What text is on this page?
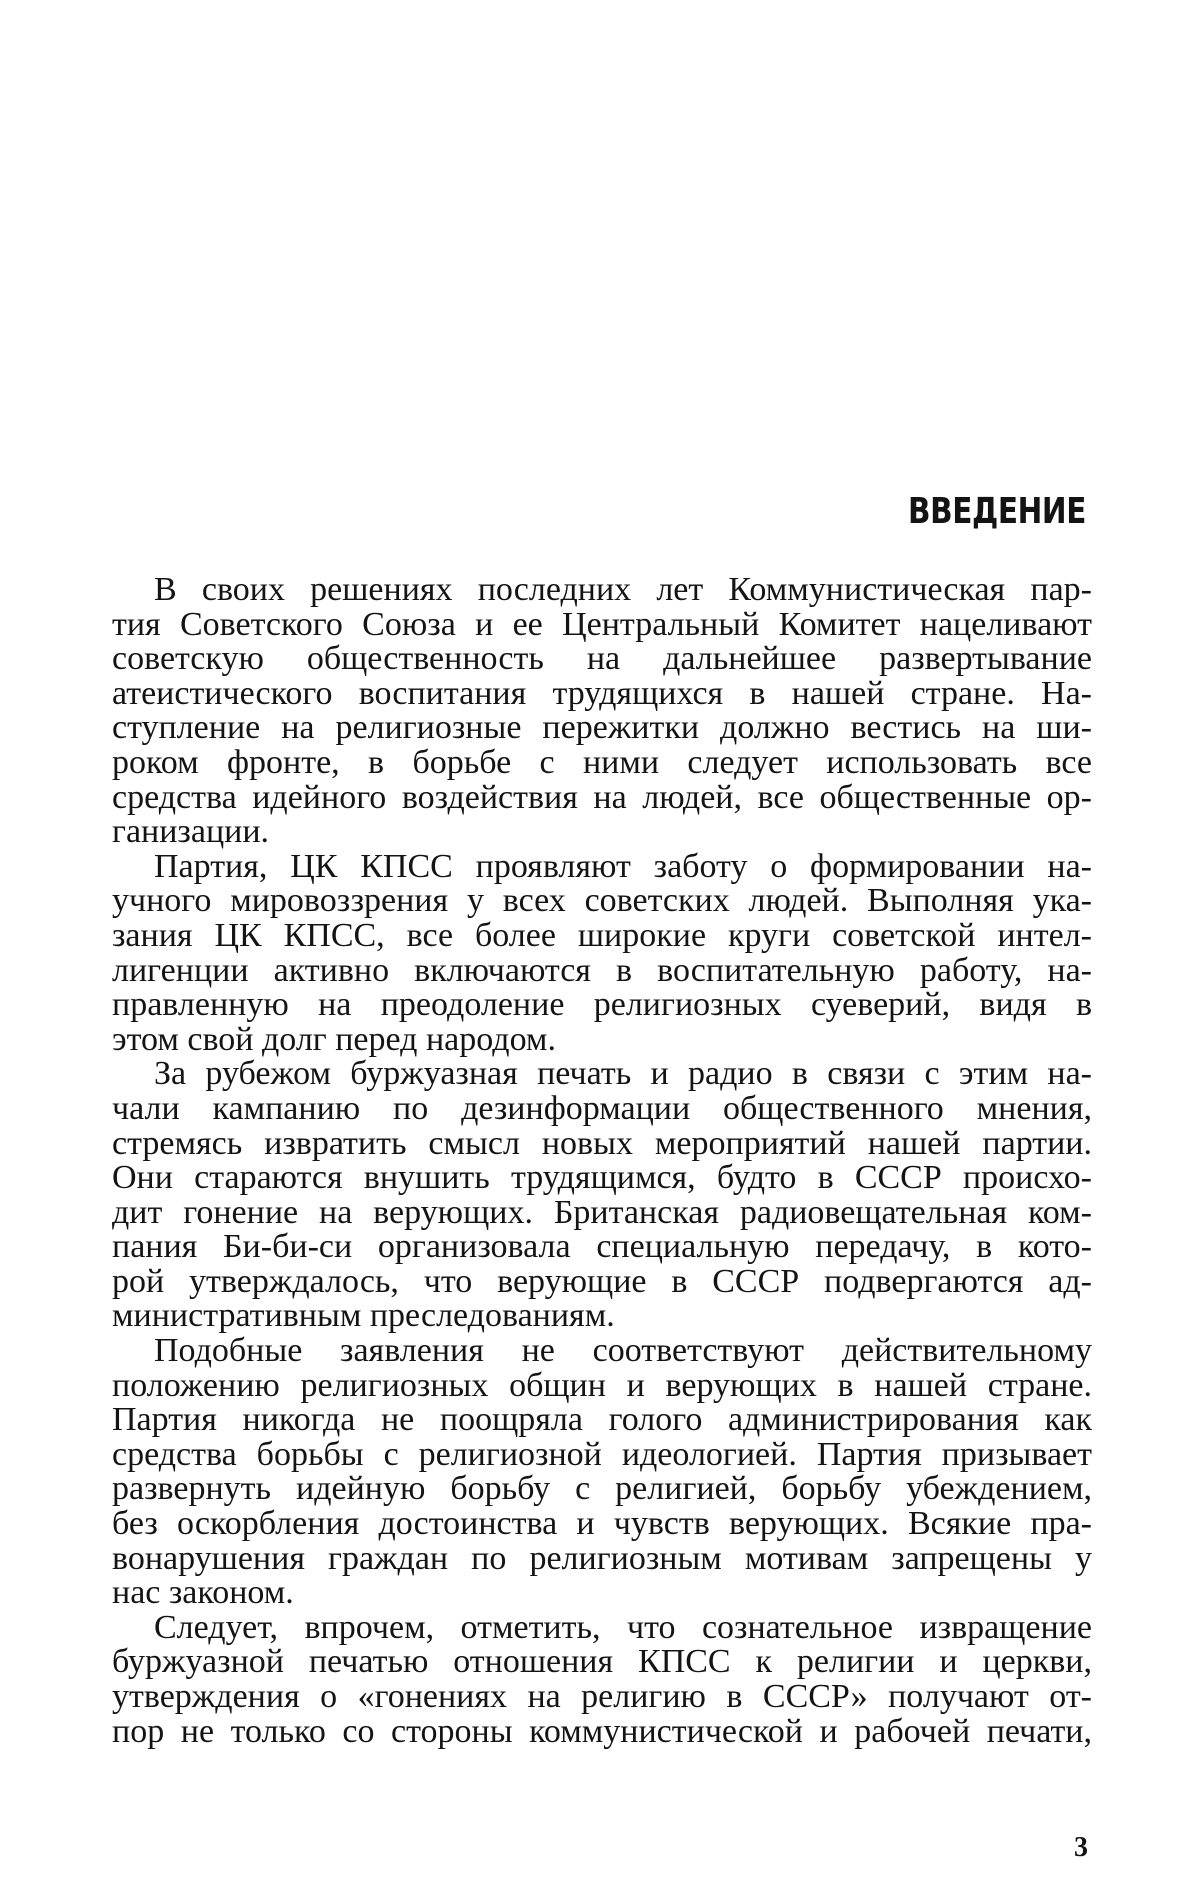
ВВЕДЕНИЕ
В своих решениях последних лет Коммунистическая пар-
тия Советского Союза и ее Центральный Комитет нацеливают
советскую общественность на дальнейшее развертывание
атеистического воспитания трудящихся в нашей стране. На-
ступление на религиозные пережитки должно вестись на ши-
роком фронте, в борьбе с ними следует использовать все
средства идейного воздействия на людей, все общественные ор-
ганизации.
Партия, ЦК КПСС проявляют заботу о формировании на-
учного мировоззрения у всех советских людей. Выполняя ука-
зания ЦК КПСС, все более широкие круги советской интел-
лигенции активно включаются в воспитательную работу, на-
правленную на преодоление религиозных суеверий, видя в
этом свой долг перед народом.
За рубежом буржуазная печать и радио в связи с этим на-
чали кампанию по дезинформации общественного мнения,
стремясь извратить смысл новых мероприятий нашей партии.
Они стараются внушить трудящимся, будто в СССР происхо-
дит гонение на верующих. Британская радиовещательная ком-
пания Би-би-си организовала специальную передачу, в кото-
рой утверждалось, что верующие в СССР подвергаются ад-
министративным преследованиям.
Подобные заявления не соответствуют действительному
положению религиозных общин и верующих в нашей стране.
Партия никогда не поощряла голого администрирования как
средства борьбы с религиозной идеологией. Партия призывает
развернуть идейную борьбу с религией, борьбу убеждением,
без оскорбления достоинства и чувств верующих. Всякие пра-
вонарушения граждан по религиозным мотивам запрещены у
нас законом.
Следует, впрочем, отметить, что сознательное извращение
буржуазной печатью отношения КПСС к религии и церкви,
утверждения о «гонениях на религию в СССР» получают от-
пор не только со стороны коммунистической и рабочей печати,
3
